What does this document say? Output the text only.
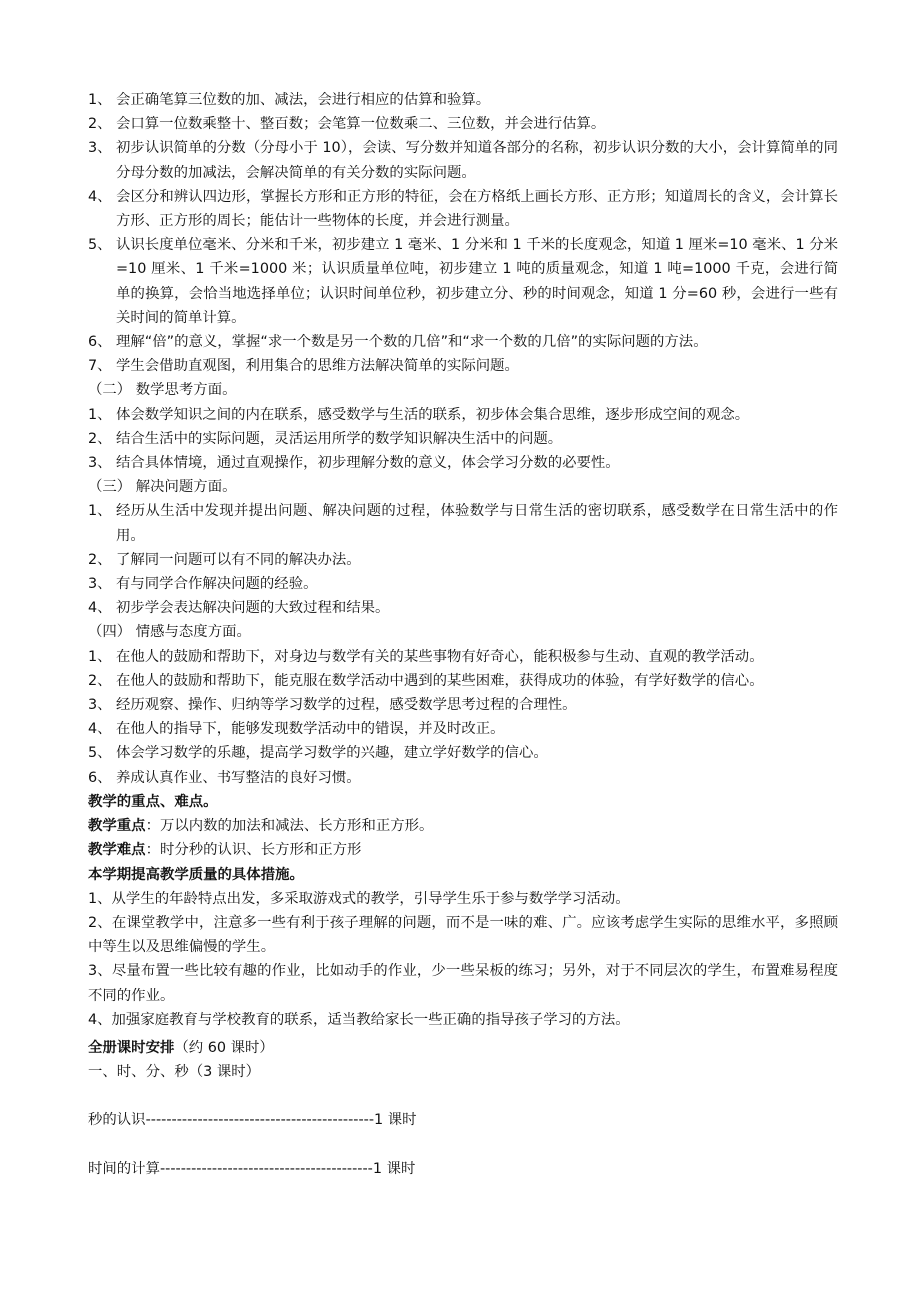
1、 会正确笔算三位数的加、减法，会进行相应的估算和验算。
2、 会口算一位数乘整十、整百数；会笔算一位数乘二、三位数，并会进行估算。
3、 初步认识简单的分数（分母小于 10），会读、写分数并知道各部分的名称，初步认识分数的大小，会计算简单的同分母分数的加减法，会解决简单的有关分数的实际问题。
4、 会区分和辨认四边形，掌握长方形和正方形的特征，会在方格纸上画长方形、正方形；知道周长的含义，会计算长方形、正方形的周长；能估计一些物体的长度，并会进行测量。
5、 认识长度单位毫米、分米和千米，初步建立 1 毫米、1 分米和 1 千米的长度观念，知道 1 厘米=10 毫米、1 分米=10 厘米、1 千米=1000 米；认识质量单位吨，初步建立 1 吨的质量观念，知道 1 吨=1000 千克，会进行简单的换算，会恰当地选择单位；认识时间单位秒，初步建立分、秒的时间观念，知道 1 分=60 秒，会进行一些有关时间的简单计算。
6、 理解“倍”的意义，掌握“求一个数是另一个数的几倍”和“求一个数的几倍”的实际问题的方法。
7、 学生会借助直观图，利用集合的思维方法解决简单的实际问题。
（二） 数学思考方面。
1、 体会数学知识之间的内在联系，感受数学与生活的联系，初步体会集合思维，逐步形成空间的观念。
2、 结合生活中的实际问题，灵活运用所学的数学知识解决生活中的问题。
3、 结合具体情境，通过直观操作，初步理解分数的意义，体会学习分数的必要性。
（三） 解决问题方面。
1、 经历从生活中发现并提出问题、解决问题的过程，体验数学与日常生活的密切联系，感受数学在日常生活中的作用。
2、 了解同一问题可以有不同的解决办法。
3、 有与同学合作解决问题的经验。
4、 初步学会表达解决问题的大致过程和结果。
（四） 情感与态度方面。
1、 在他人的鼓励和帮助下，对身边与数学有关的某些事物有好奇心，能积极参与生动、直观的教学活动。
2、 在他人的鼓励和帮助下，能克服在数学活动中遇到的某些困难，获得成功的体验，有学好数学的信心。
3、 经历观察、操作、归纳等学习数学的过程，感受数学思考过程的合理性。
4、 在他人的指导下，能够发现数学活动中的错误，并及时改正。
5、 体会学习数学的乐趣，提高学习数学的兴趣，建立学好数学的信心。
6、 养成认真作业、书写整洁的良好习惯。
教学的重点、难点。
教学重点：万以内数的加法和减法、长方形和正方形。
教学难点：时分秒的认识、长方形和正方形
本学期提高教学质量的具体措施。
1、从学生的年龄特点出发，多采取游戏式的教学，引导学生乐于参与数学学习活动。
2、在课堂教学中，注意多一些有利于孩子理解的问题，而不是一味的难、广。应该考虑学生实际的思维水平，多照顾中等生以及思维偏慢的学生。
3、尽量布置一些比较有趣的作业，比如动手的作业，少一些呆板的练习；另外，对于不同层次的学生，布置难易程度不同的作业。
4、加强家庭教育与学校教育的联系，适当教给家长一些正确的指导孩子学习的方法。
全册课时安排（约 60 课时）
一、时、分、秒（3 课时）
秒的认识--------------------------------------------1 课时
时间的计算-----------------------------------------1 课时
